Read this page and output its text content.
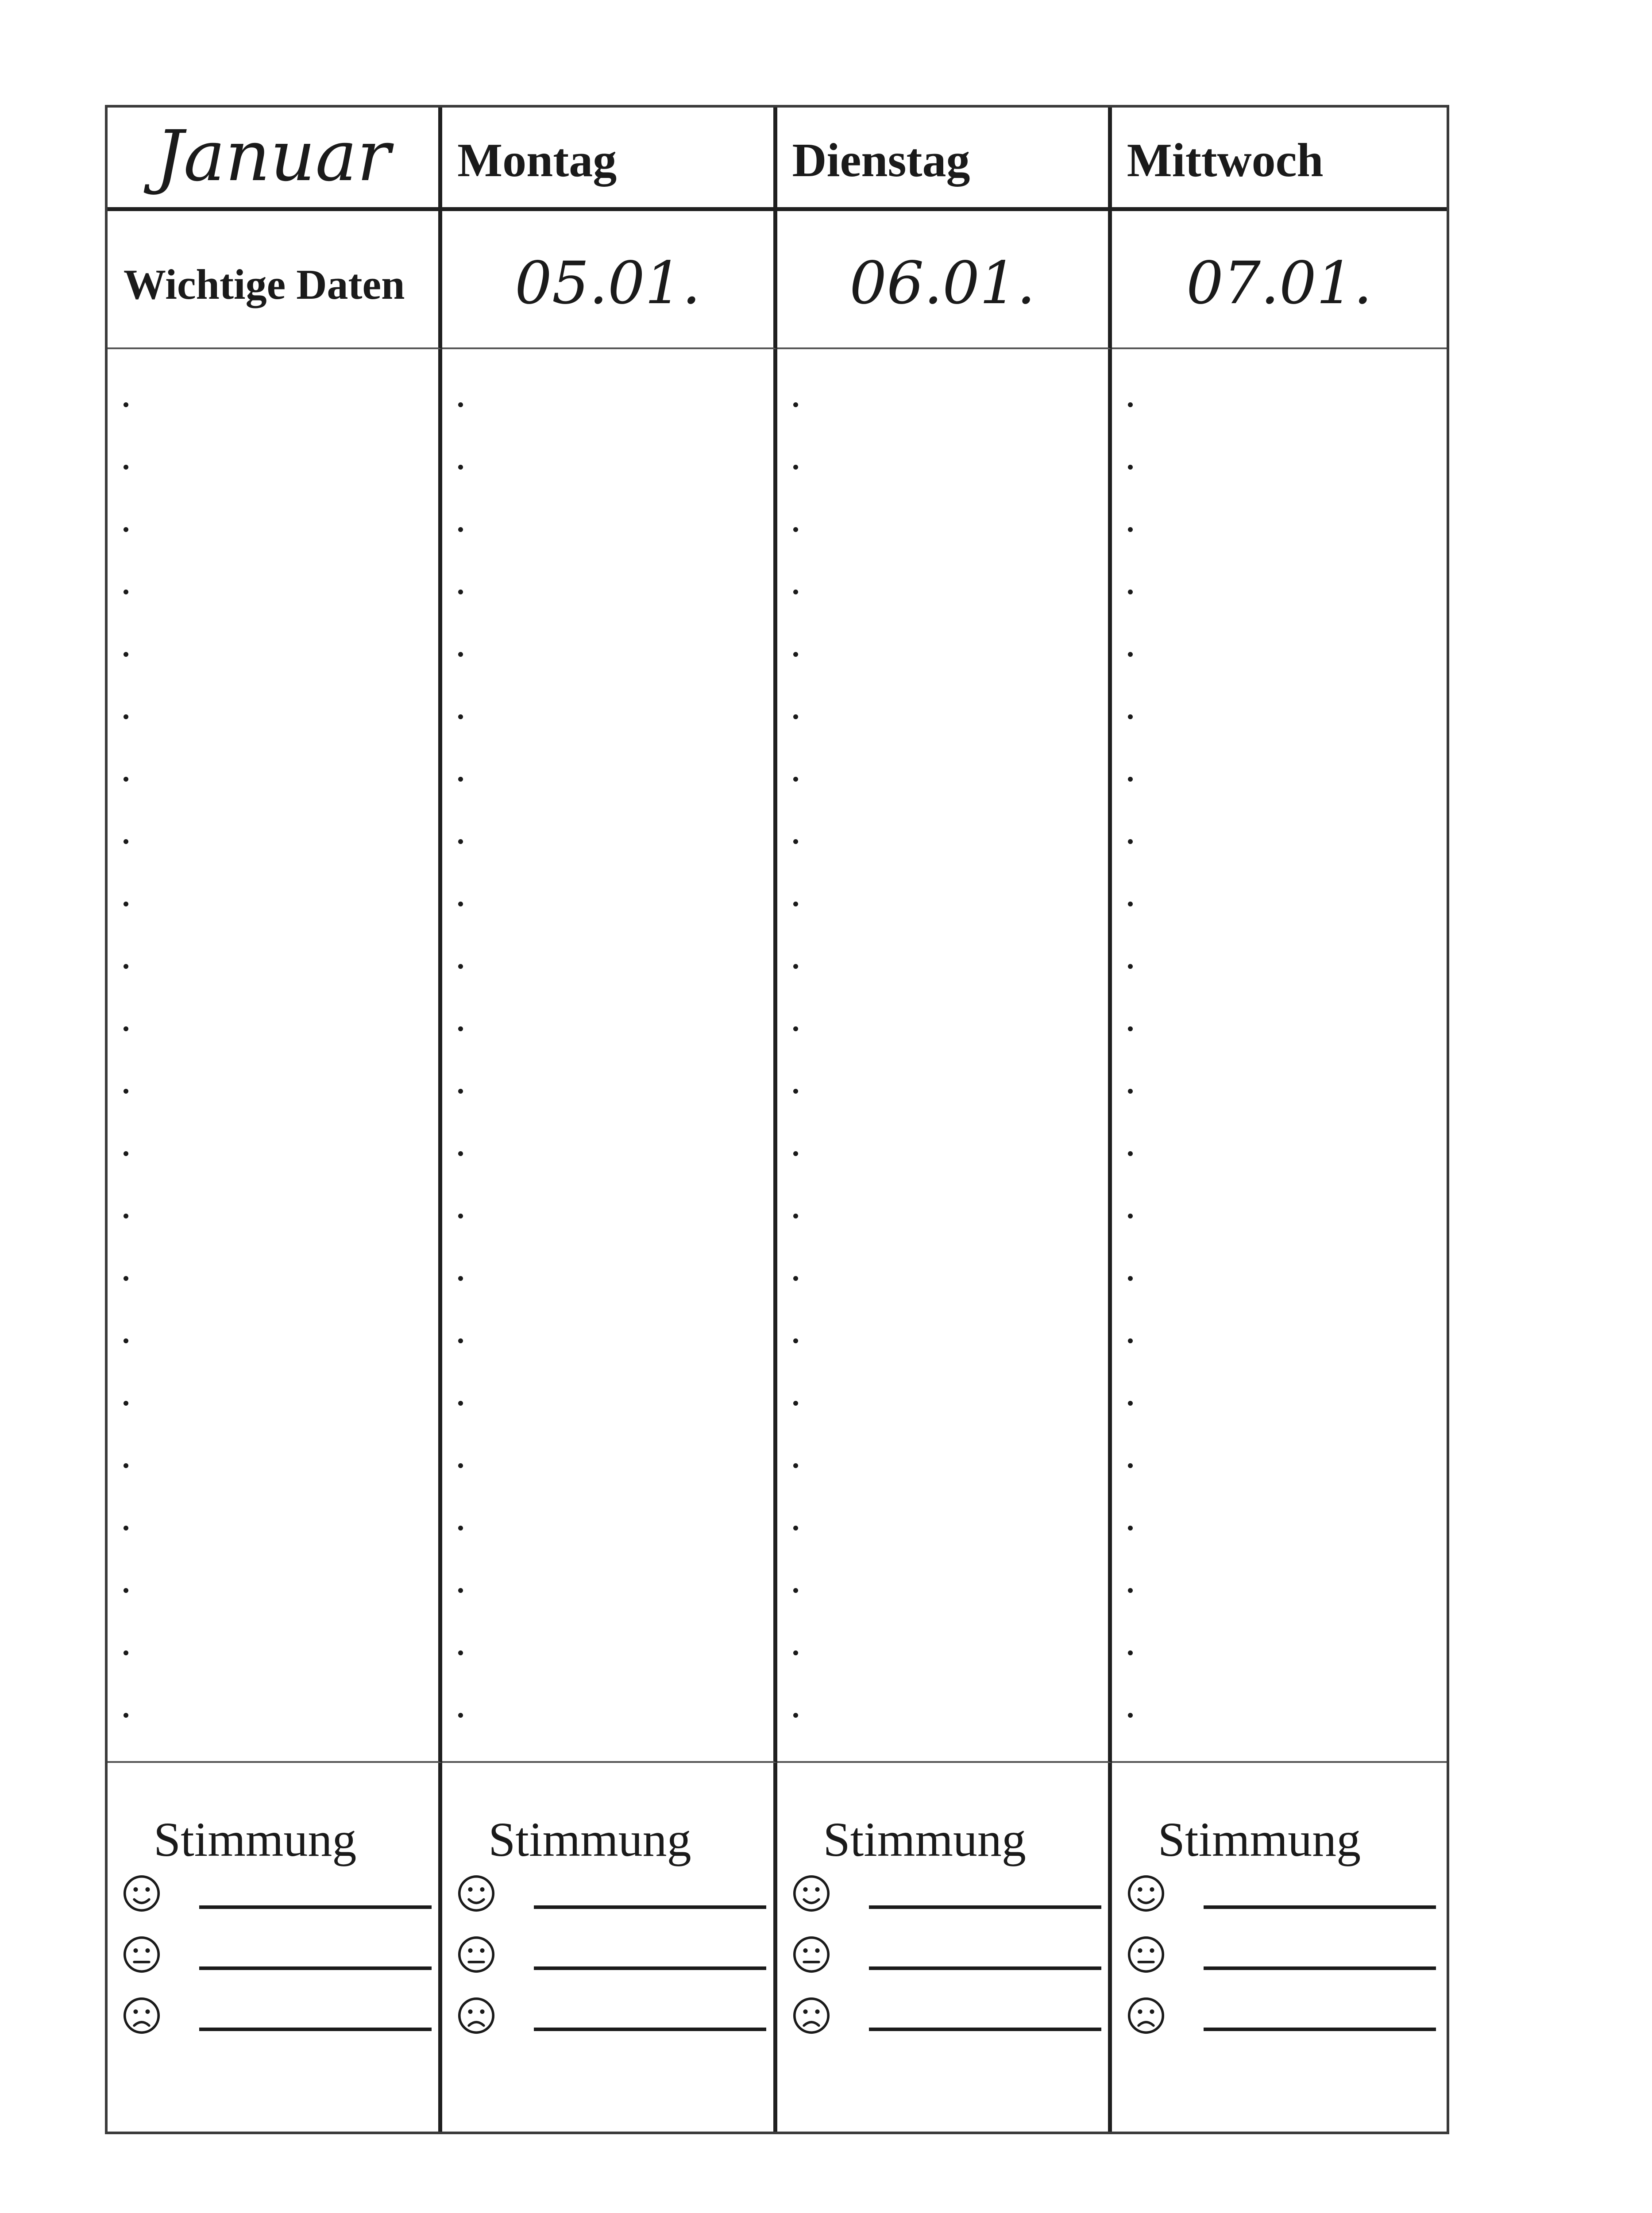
Januar	Montag	Dienstag	Mittwoch
Wichtige Daten	05.01.	06.01.	07.01.
Stimmung	Stimmung	Stimmung	Stimmung
